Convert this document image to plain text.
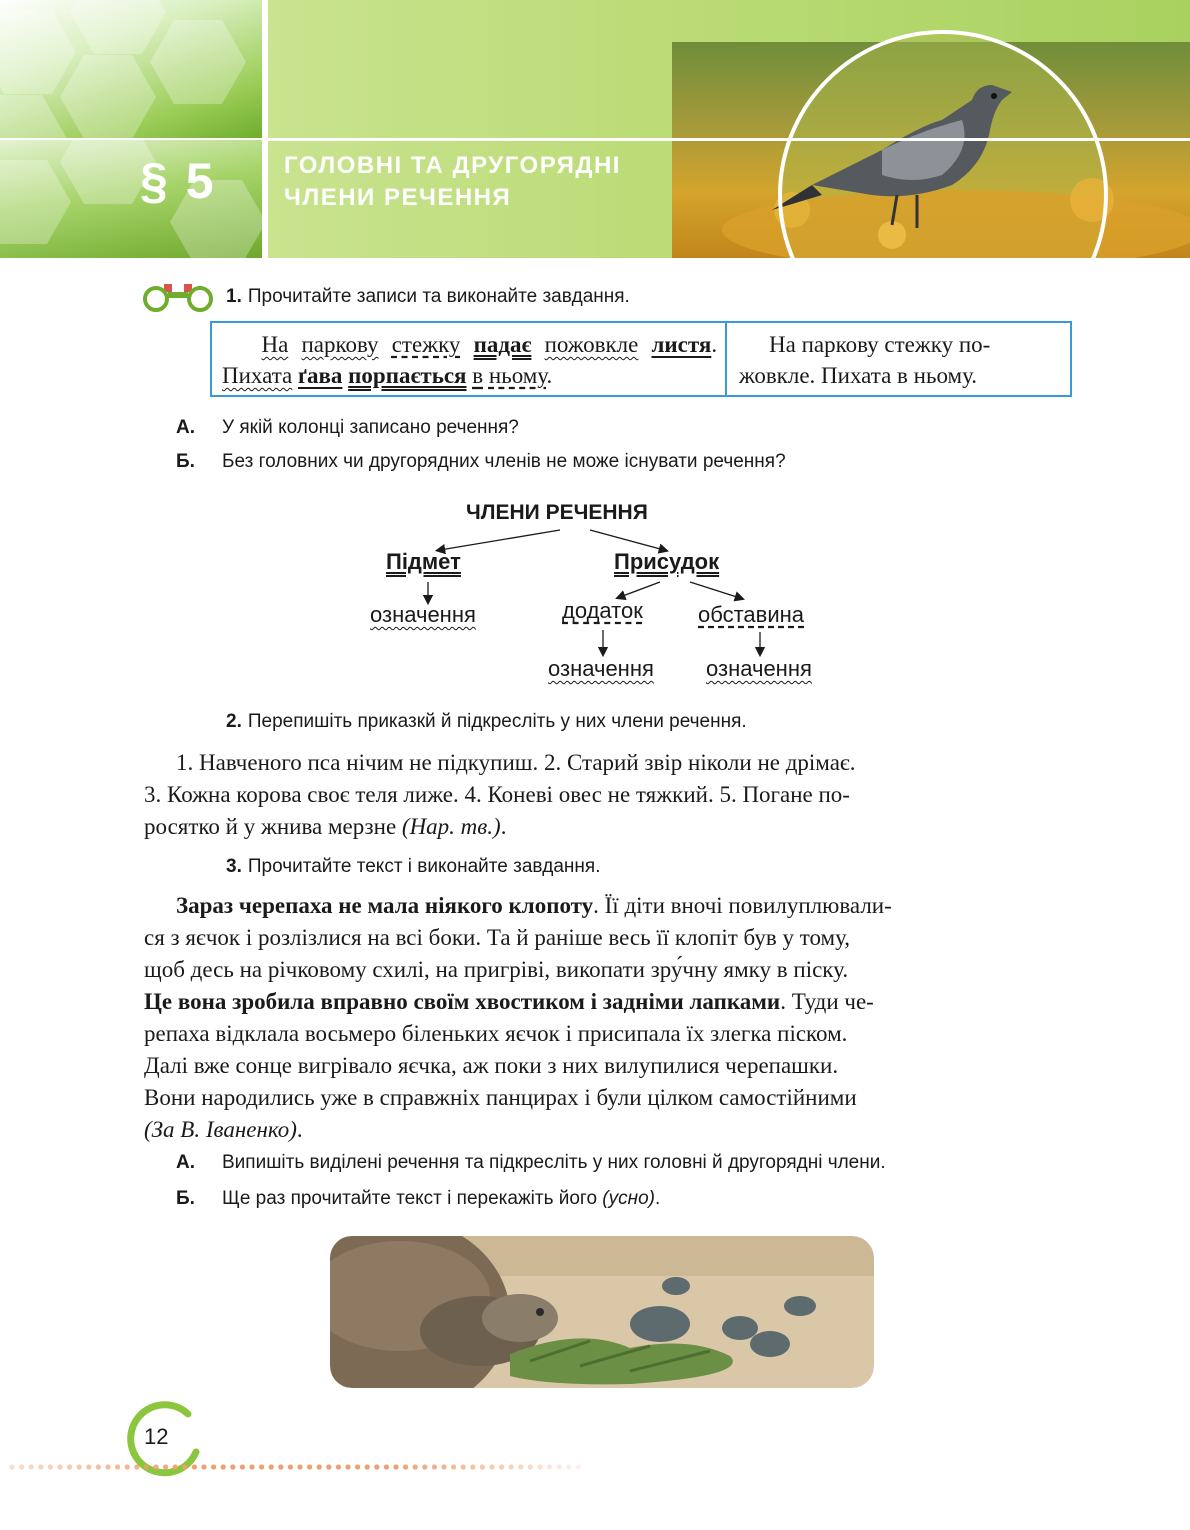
§ 5	ГОЛОВНІ ТА ДРУГОРЯДНІ
ЧЛЕНИ РЕЧЕННЯ
1. Прочитайте записи та виконайте завдання.
На паркову стежку падає пожовкле листя. Пихата ґава порпається в ньому.
На паркову стежку по-
жовкле. Пихата в ньому.
А. У якій колонці записано речення?
Б. Без головних чи другорядних членів не може існувати речення?
ЧЛЕНИ РЕЧЕННЯ
Підмет	Присудок
означення	додаток	обставина
означення означення
2. Перепишіть приказкй й підкресліть у них члени речення.
1. Навченого пса нічим не підкупиш. 2. Старий звір ніколи не дрімає.
3. Кожна корова своє теля лиже. 4. Коневі овес не тяжкий. 5. Погане по-
росятко й у жнива мерзне (Нар. тв.).
3. Прочитайте текст і виконайте завдання.
Зараз черепаха не мала ніякого клопоту. Її діти вночі повилуплювали-
ся з яєчок і розлізлися на всі боки. Та й раніше весь її клопіт був у тому,
щоб десь на річковому схилі, на пригріві, викопати зру́чну ямку в піску.
Це вона зробила вправно своїм хвостиком і задніми лапками. Туди че-
репаха відклала восьмеро біленьких яєчок і присипала їх злегка піском.
Далі вже сонце вигрівало яєчка, аж поки з них вилупилися черепашки.
Вони народились уже в справжніх панцирах і були цілком самостійними
(За В. Іваненко).
А. Випишіть виділені речення та підкресліть у них головні й другорядні члени.
Б. Ще раз прочитайте текст і перекажіть його (усно).
12
